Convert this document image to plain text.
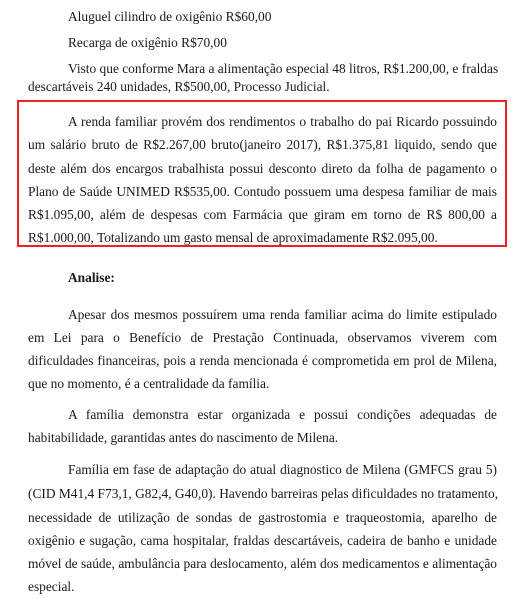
Aluguel cilindro de oxigênio R$60,00
Recarga de oxigênio R$70,00
Visto que conforme Mara a alimentação especial 48 litros, R$1.200,00, e fraldas
descartáveis 240 unidades, R$500,00, Processo Judicial.
A renda familiar provém dos rendimentos o trabalho do pai Ricardo possuindo
um salário bruto de R$2.267,00 bruto(janeiro 2017), R$1.375,81 liquido, sendo que
deste além dos encargos trabalhista possui desconto direto da folha de pagamento o
Plano de Saúde UNIMED R$535,00. Contudo possuem uma despesa familiar de mais
R$1.095,00, além de despesas com Farmácia que giram em torno de R$ 800,00 a
R$1.000,00, Totalizando um gasto mensal de aproximadamente R$2.095,00.
Analise:
Apesar dos mesmos possuírem uma renda familiar acima do limite estipulado
em Lei para o Benefício de Prestação Continuada, observamos viverem com
dificuldades financeiras, pois a renda mencionada é comprometida em prol de Milena,
que no momento, é a centralidade da família.
A família demonstra estar organizada e possui condições adequadas de
habitabilidade, garantidas antes do nascimento de Milena.
Família em fase de adaptação do atual diagnostico de Milena (GMFCS grau 5)
(CID M41,4 F73,1, G82,4, G40,0). Havendo barreiras pelas dificuldades no tratamento,
necessidade de utilização de sondas de gastrostomia e traqueostomia, aparelho de
oxigênio e sugação, cama hospitalar, fraldas descartáveis, cadeira de banho e unidade
móvel de saúde, ambulância para deslocamento, além dos medicamentos e alimentação
especial.
